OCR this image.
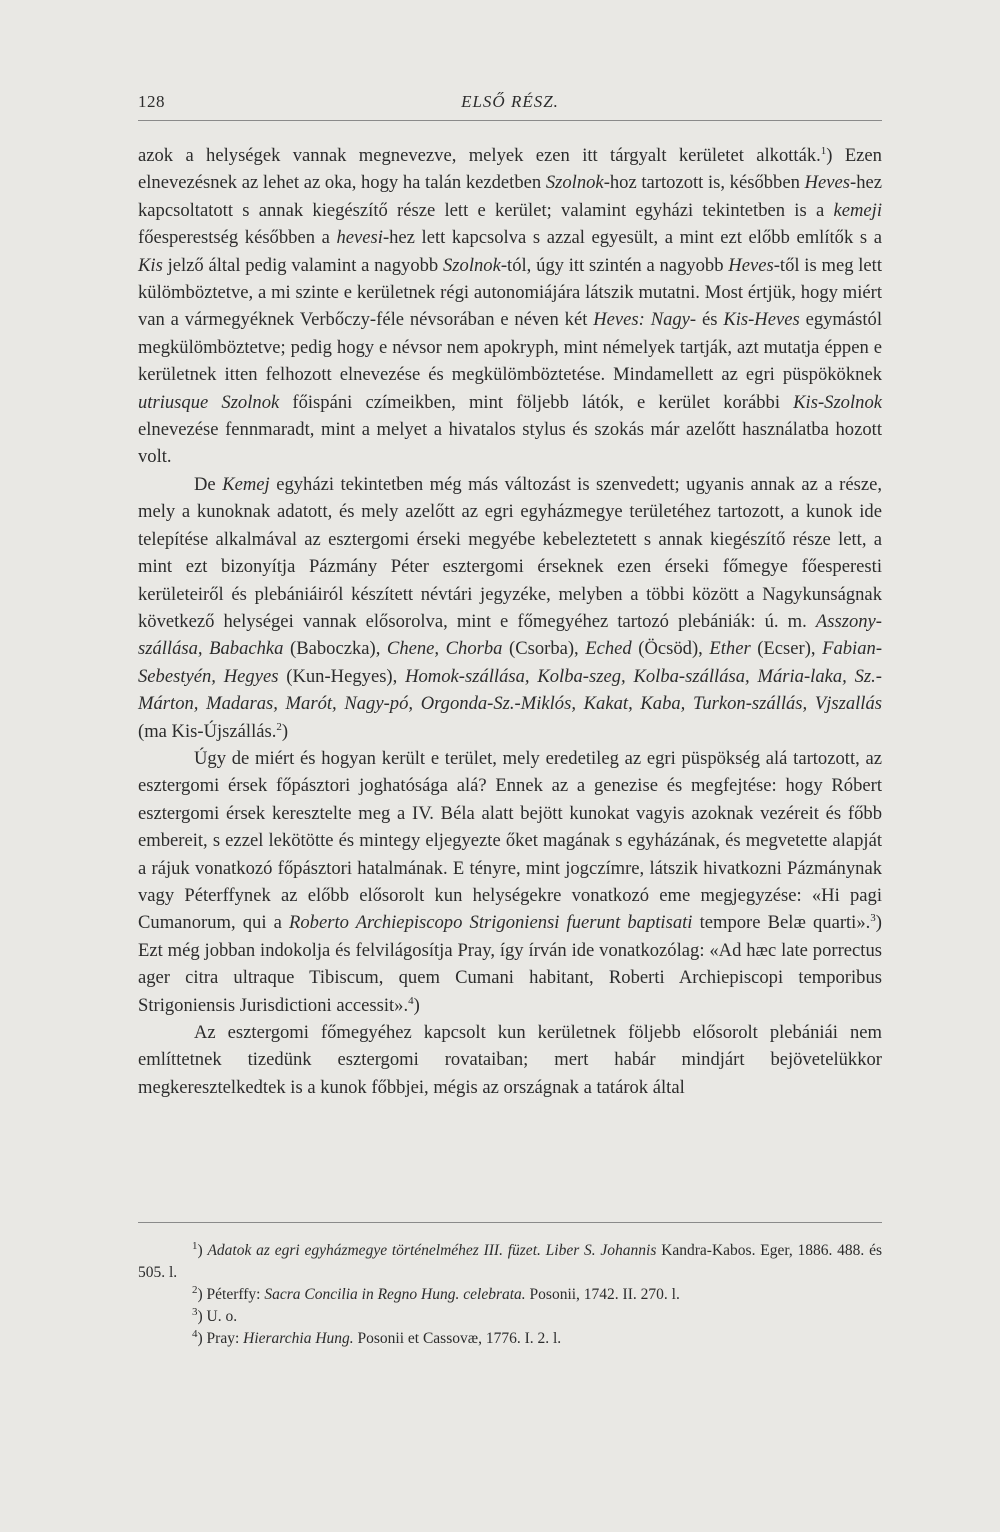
128	ELSŐ RÉSZ.

azok a helységek vannak megnevezve, melyek ezen itt tárgyalt kerületet alkották.$^1$) Ezen elnevezésnek az lehet az oka, hogy ha talán kezdetben Szolnok-hoz tartozott is, későbben Heves-hez kapcsoltatott s annak kiegészítő része lett e kerület; valamint egyházi tekintetben is a kemeji főesperestség későbben a hevesi-hez lett kapcsolva s azzal egyesült, a mint ezt előbb említők s a Kis jelző által pedig valamint a nagyobb Szolnok-tól, úgy itt szintén a nagyobb Heves-től is meg lett külömböztetve, a mi szinte e kerületnek régi autonomiájára látszik mutatni. Most értjük, hogy miért van a vármegyéknek Verbőczy-féle névsorában e néven két Heves: Nagy- és Kis-Heves egymástól megkülömböztetve; pedig hogy e névsor nem apokryph, mint némelyek tartják, azt mutatja éppen e kerületnek itten felhozott elnevezése és megkülömböztetése. Mindamellett az egri püspököknek utriusque Szolnok főispáni czímeikben, mint följebb látók, e kerület korábbi Kis-Szolnok elnevezése fennmaradt, mint a melyet a hivatalos stylus és szokás már azelőtt használatba hozott volt.

De Kemej egyházi tekintetben még más változást is szenvedett; ugyanis annak az a része, mely a kunoknak adatott, és mely azelőtt az egri egyházmegye területéhez tartozott, a kunok ide telepítése alkalmával az esztergomi érseki megyébe kebeleztetett s annak kiegészítő része lett, a mint ezt bizonyítja Pázmány Péter esztergomi érseknek ezen érseki főmegye főesperesti kerületeiről és plebániáiról készített névtári jegyzéke, melyben a többi között a Nagykunságnak következő helységei vannak elősorolva, mint e főmegyéhez tartozó plebániák: ú. m. Asszony-szállása, Babachka (Baboczka), Chene, Chorba (Csorba), Eched (Öcsöd), Ether (Ecser), Fabian-Sebestyén, Hegyes (Kun-Hegyes), Homok-szállása, Kolba-szeg, Kolba-szállása, Mária-laka, Sz.-Márton, Madaras, Marót, Nagy-pó, Orgonda-Sz.-Miklós, Kakat, Kaba, Turkon-szállás, Vjszallás (ma Kis-Újszállás.$^2$)

Úgy de miért és hogyan került e terület, mely eredetileg az egri püspökség alá tartozott, az esztergomi érsek főpásztori joghatósága alá? Ennek az a genezise és megfejtése: hogy Róbert esztergomi érsek keresztelte meg a IV. Béla alatt bejött kunokat vagyis azoknak vezéreit és főbb embereit, s ezzel lekötötte és mintegy eljegyezte őket magának s egyházának, és megvetette alapját a rájuk vonatkozó főpásztori hatalmának. E tényre, mint jogczímre, látszik hivatkozni Pázmánynak vagy Péterffynek az előbb elősorolt kun helységekre vonatkozó eme megjegyzése: «Hi pagi Cumanorum, qui a Roberto Archiepiscopo Strigoniensi fuerunt baptisati tempore Belæ quarti».$^3$) Ezt még jobban indokolja és felvilágosítja Pray, így írván ide vonatkozólag: «Ad hæc late porrectus ager citra ultraque Tibiscum, quem Cumani habitant, Roberti Archiepiscopi temporibus Strigoniensis Jurisdictioni accessit».$^4$)

Az esztergomi főmegyéhez kapcsolt kun kerületnek följebb elősorolt plebániái nem említtetnek tizedünk esztergomi rovataiban; mert habár mindjárt bejövetelükkor megkeresztelkedtek is a kunok főbbjei, mégis az országnak a tatárok által

$^1$) Adatok az egri egyházmegye történelméhez III. füzet. Liber S. Johannis Kandra-Kabos. Eger, 1886. 488. és 505. l.

$^2$) Péterffy: Sacra Concilia in Regno Hung. celebrata. Posonii, 1742. II. 270. l.

$^3$) U. o.

$^4$) Pray: Hierarchia Hung. Posonii et Cassovæ, 1776. I. 2. l.
